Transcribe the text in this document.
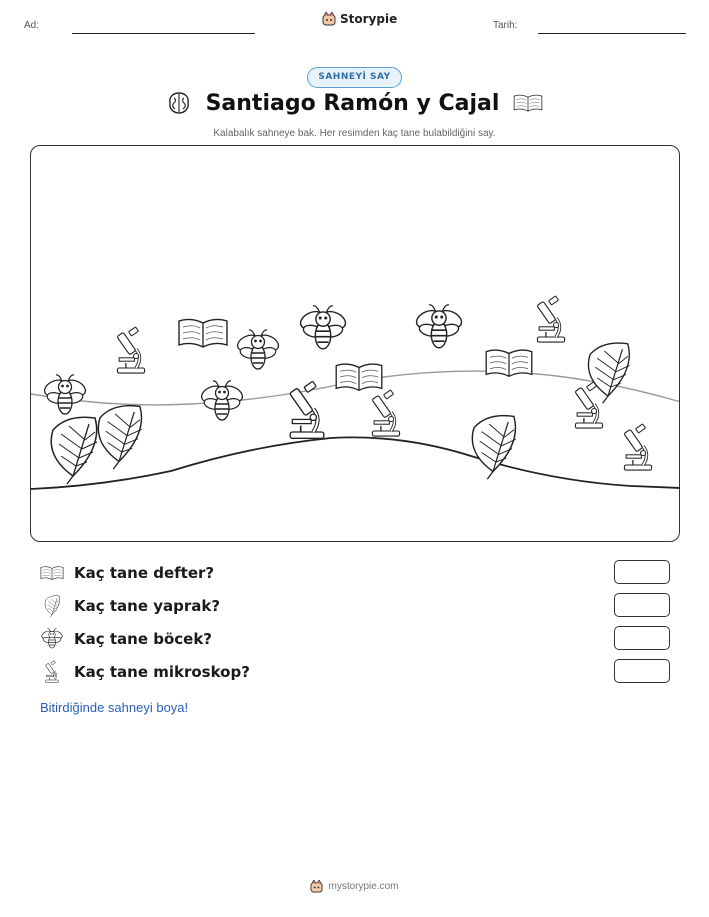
Ad:	Storypie	Tarih:
SAHNEYİ SAY
Santiago Ramón y Cajal
Kalabalık sahneye bak. Her resimden kaç tane bulabildiğini say.
Kaç tane defter?
Kaç tane yaprak?
Kaç tane böcek?
Kaç tane mikroskop?
Bitirdiğinde sahneyi boya!
mystorypie.com
